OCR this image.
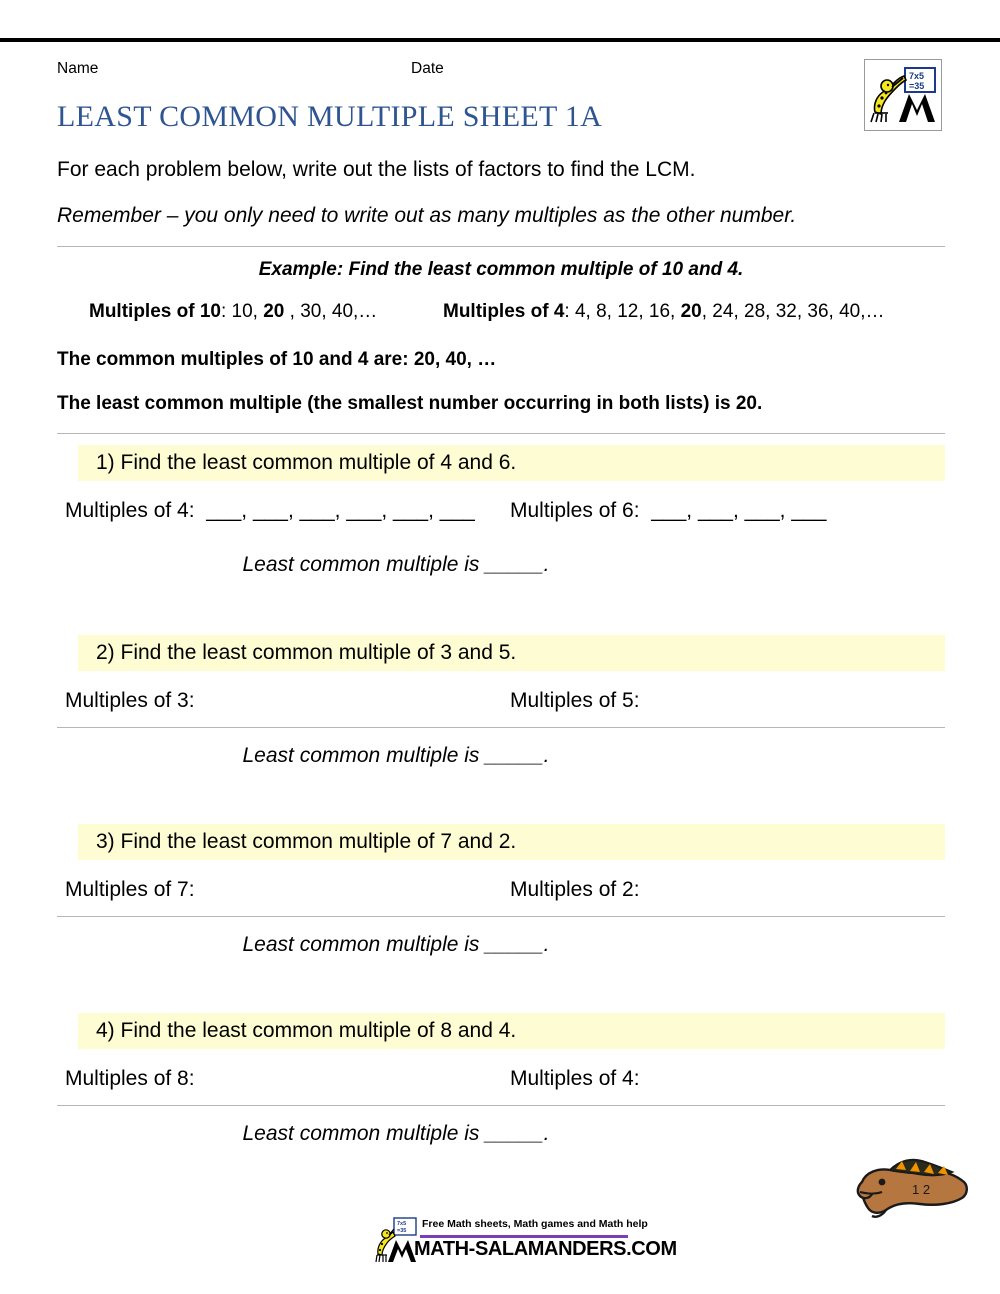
7x5
=35
Name	Date
LEAST COMMON MULTIPLE SHEET 1A
For each problem below, write out the lists of factors to find the LCM.
Remember – you only need to write out as many multiples as the other number.
Example: Find the least common multiple of 10 and 4.
Multiples of 10: 10, 20 , 30, 40,…	Multiples of 4: 4, 8, 12, 16, 20, 24, 28, 32, 36, 40,…
The common multiples of 10 and 4 are: 20, 40, …
The least common multiple (the smallest number occurring in both lists) is 20.
1) Find the least common multiple of 4 and 6.
Multiples of 4: ___, ___, ___, ___, ___, ___ Multiples of 6: ___, ___, ___, ___
Least common multiple is _____.
2) Find the least common multiple of 3 and 5.
Multiples of 3:	Multiples of 5:
Least common multiple is _____.
3) Find the least common multiple of 7 and 2.
Multiples of 7:	Multiples of 2:
Least common multiple is _____.
4) Find the least common multiple of 8 and 4.
Multiples of 8:	Multiples of 4:
Least common multiple is _____.
1 2
7x5
=35
Free Math sheets, Math games and Math help
MATH-SALAMANDERS.COM
